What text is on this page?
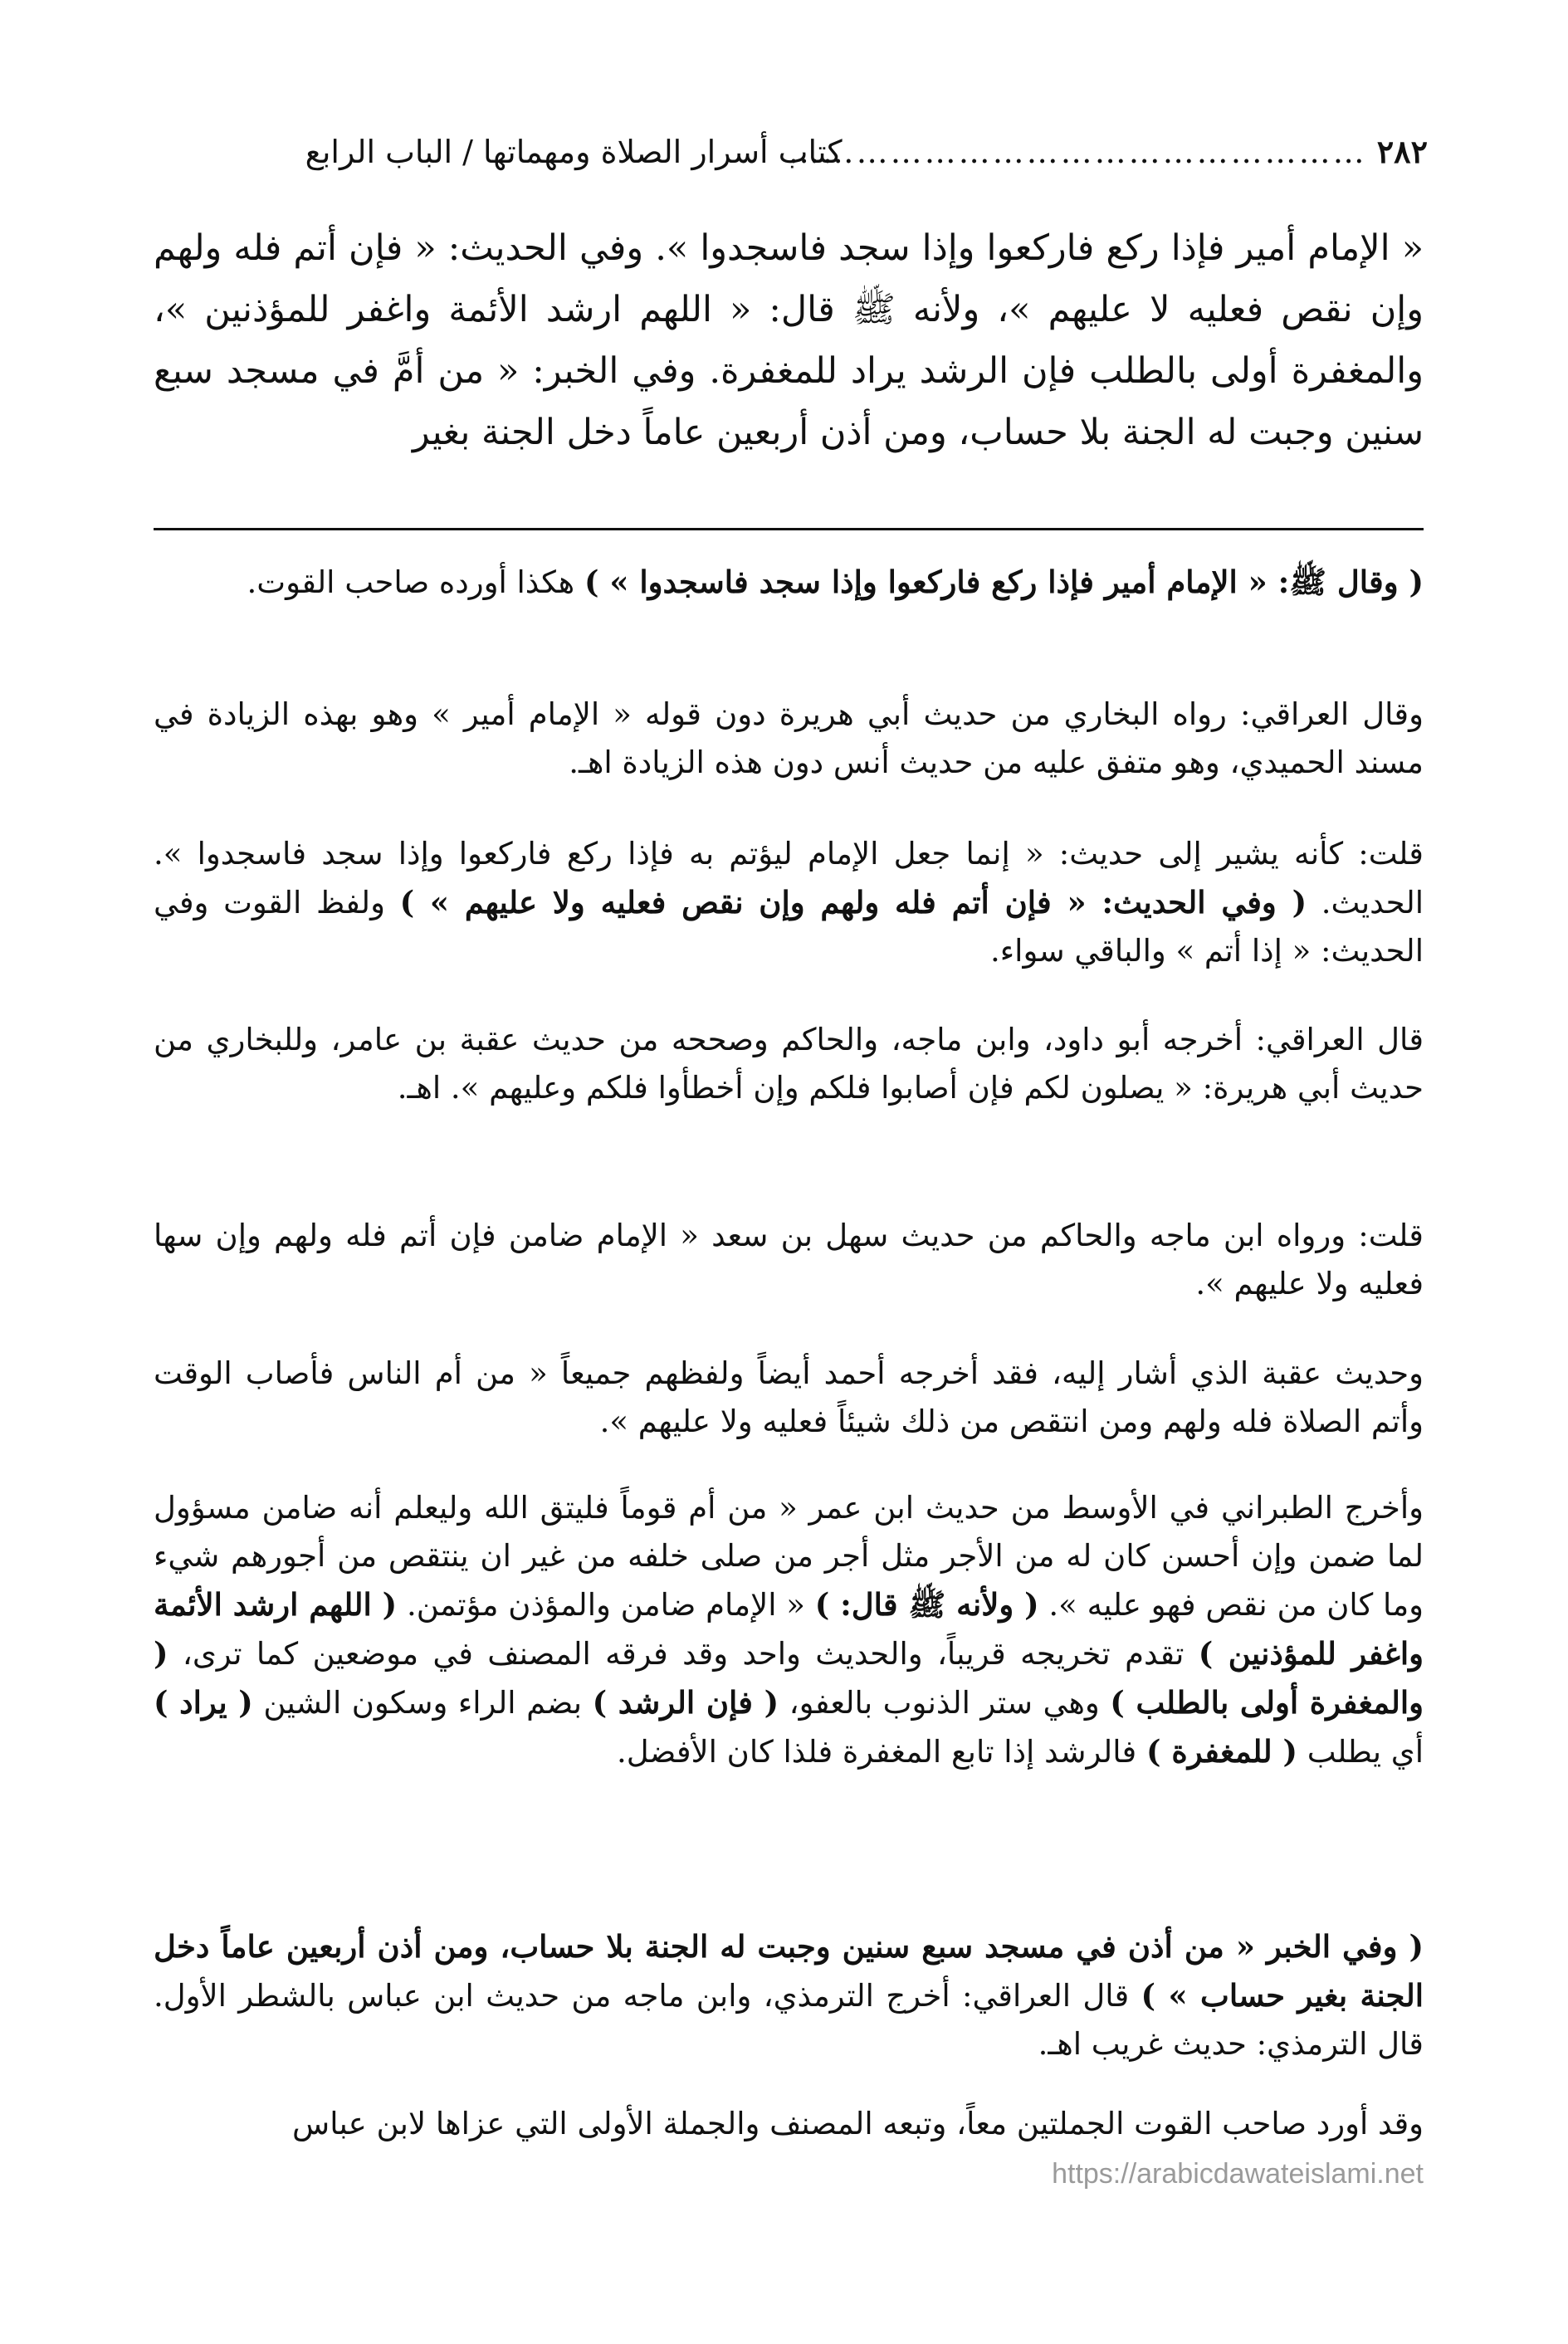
٢٨٢ …………………………………………… كتاب أسرار الصلاة ومهماتها / الباب الرابع
« الإمام أمير فإذا ركع فاركعوا وإذا سجد فاسجدوا ». وفي الحديث: « فإن أتم فله ولهم وإن نقص فعليه لا عليهم »، ولأنه ﷺ قال: « اللهم ارشد الأئمة واغفر للمؤذنين »، والمغفرة أولى بالطلب فإن الرشد يراد للمغفرة. وفي الخبر: « من أمَّ في مسجد سبع سنين وجبت له الجنة بلا حساب، ومن أذن أربعين عاماً دخل الجنة بغير
( وقال ﷺ: « الإمام أمير فإذا ركع فاركعوا وإذا سجد فاسجدوا » ) هكذا أورده صاحب القوت.
وقال العراقي: رواه البخاري من حديث أبي هريرة دون قوله « الإمام أمير » وهو بهذه الزيادة في مسند الحميدي، وهو متفق عليه من حديث أنس دون هذه الزيادة اهـ.
قلت: كأنه يشير إلى حديث: « إنما جعل الإمام ليؤتم به فإذا ركع فاركعوا وإذا سجد فاسجدوا ». الحديث. ( وفي الحديث: « فإن أتم فله ولهم وإن نقص فعليه ولا عليهم » ) ولفظ القوت وفي الحديث: « إذا أتم » والباقي سواء.
قال العراقي: أخرجه أبو داود، وابن ماجه، والحاكم وصححه من حديث عقبة بن عامر، وللبخاري من حديث أبي هريرة: « يصلون لكم فإن أصابوا فلكم وإن أخطأوا فلكم وعليهم ». اهـ.
قلت: ورواه ابن ماجه والحاكم من حديث سهل بن سعد « الإمام ضامن فإن أتم فله ولهم وإن سها فعليه ولا عليهم ».
وحديث عقبة الذي أشار إليه، فقد أخرجه أحمد أيضاً ولفظهم جميعاً « من أم الناس فأصاب الوقت وأتم الصلاة فله ولهم ومن انتقص من ذلك شيئاً فعليه ولا عليهم ».
وأخرج الطبراني في الأوسط من حديث ابن عمر « من أم قوماً فليتق الله وليعلم أنه ضامن مسؤول لما ضمن وإن أحسن كان له من الأجر مثل أجر من صلى خلفه من غير ان ينتقص من أجورهم شيء وما كان من نقص فهو عليه ». ( ولأنه ﷺ قال: ) « الإمام ضامن والمؤذن مؤتمن. ( اللهم ارشد الأئمة واغفر للمؤذنين ) تقدم تخريجه قريباً، والحديث واحد وقد فرقه المصنف في موضعين كما ترى، ( والمغفرة أولى بالطلب ) وهي ستر الذنوب بالعفو، ( فإن الرشد ) بضم الراء وسكون الشين ( يراد ) أي يطلب ( للمغفرة ) فالرشد إذا تابع المغفرة فلذا كان الأفضل.
( وفي الخبر « من أذن في مسجد سبع سنين وجبت له الجنة بلا حساب، ومن أذن أربعين عاماً دخل الجنة بغير حساب » ) قال العراقي: أخرج الترمذي، وابن ماجه من حديث ابن عباس بالشطر الأول. قال الترمذي: حديث غريب اهـ.
وقد أورد صاحب القوت الجملتين معاً، وتبعه المصنف والجملة الأولى التي عزاها لابن عباس
https://arabicdawateislami.net
